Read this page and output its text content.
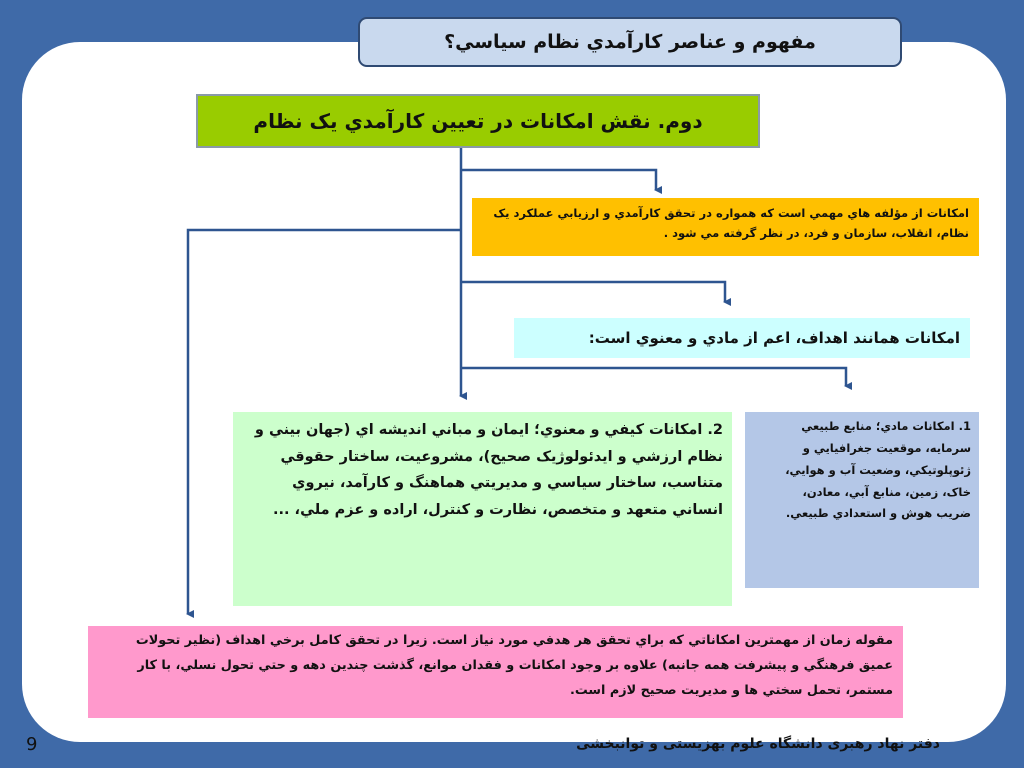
مفهوم و عناصر کارآمدي نظام سياسي؟
دوم. نقش امکانات در تعيين کارآمدي يک نظام
امکانات از مؤلفه هاي مهمي است که همواره در تحقق کارآمدي و ارزيابي عملکرد يک نظام، انقلاب، سازمان و فرد، در نظر گرفته مي شود .
امکانات همانند اهداف، اعم از مادي و معنوي است:
2. امکانات کيفي و معنوي؛ ايمان و مباني انديشه اي (جهان بيني و نظام ارزشي و ايدئولوژيک صحيح)، مشروعيت، ساختار حقوقي متناسب، ساختار سياسي و مديريتي هماهنگ و کارآمد، نيروي انساني متعهد و متخصص، نظارت و کنترل، اراده و عزم ملي، ...
1. امکانات مادي؛ منابع طبيعي سرمايه، موقعيت جغرافيايي و ژئوپلوتيکي، وضعيت آب و هوايي، خاک، زمين، منابع آبي، معادن، ضريب هوش و استعدادي طبيعي.
مقوله زمان از مهمترين امکاناتي که براي تحقق هر هدفي مورد نياز است. زيرا در تحقق کامل برخي اهداف (نظير تحولات عميق فرهنگي و پيشرفت همه جانبه) علاوه بر وجود امکانات و فقدان موانع، گذشت چندين دهه و حتي تحول نسلي، با کار مستمر، تحمل سختي ها و مديريت صحيح لازم است.
دفتر نهاد رهبری دانشگاه علوم بهزیستی و توانبخشی
9
